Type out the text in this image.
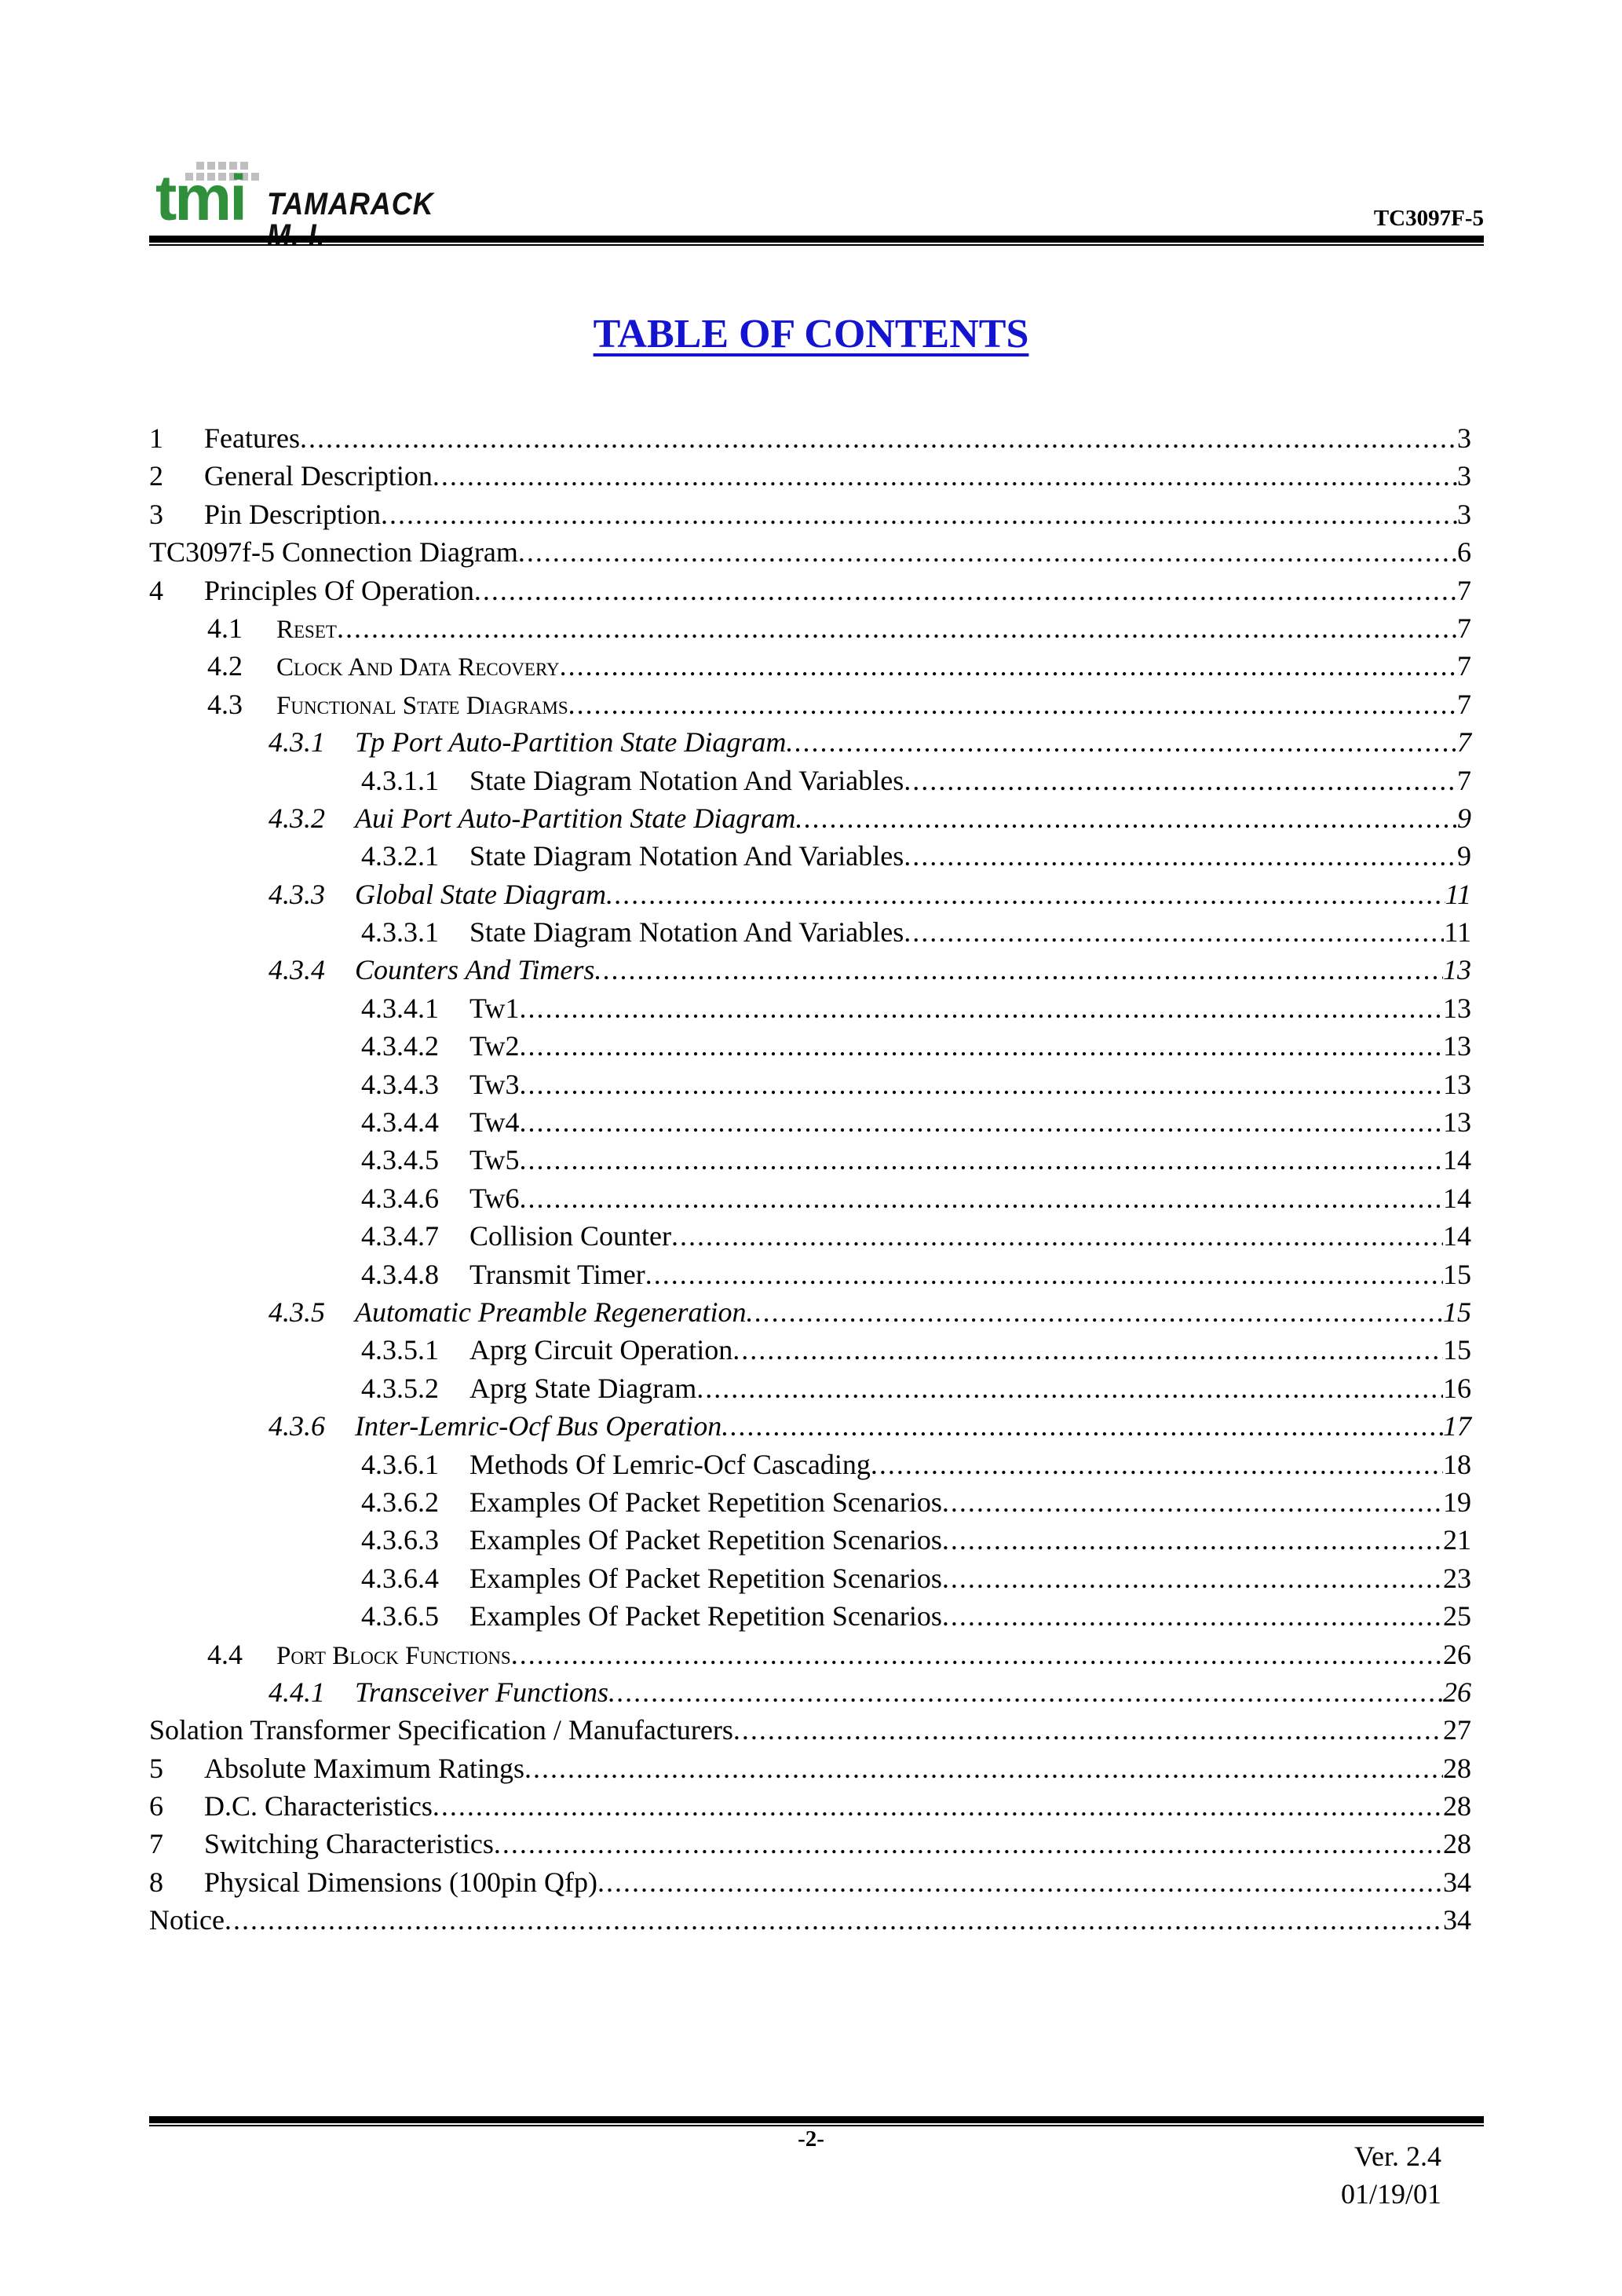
tmi TAMARACK	TC3097F-5
TABLE OF CONTENTS
1 Features .....	3
2 General Description .....	3
3 Pin Description .....	3
TC3097f-5 Connection Diagram .....	6
4 Principles Of Operation .....	7
4.1 Reset .....	7
4.2 Clock And Data Recovery .....	7
4.3 Functional State Diagrams .....	7
4.3.1 Tp Port Auto-Partition State Diagram .....	7
4.3.1.1 State Diagram Notation And Variables .....	7
4.3.2 Aui Port Auto-Partition State Diagram .....	9
4.3.2.1 State Diagram Notation And Variables .....	9
4.3.3 Global State Diagram .....	11
4.3.3.1 State Diagram Notation And Variables .....	11
4.3.4 Counters And Timers .....	13
4.3.4.1 Tw1 .....	13
4.3.4.2 Tw2 .....	13
4.3.4.3 Tw3 .....	13
4.3.4.4 Tw4 .....	13
4.3.4.5 Tw5 .....	14
4.3.4.6 Tw6 .....	14
4.3.4.7 Collision Counter .....	14
4.3.4.8 Transmit Timer .....	15
4.3.5 Automatic Preamble Regeneration .....	15
4.3.5.1 Aprg Circuit Operation .....	15
4.3.5.2 Aprg State Diagram .....	16
4.3.6 Inter-Lemric-Ocf Bus Operation .....	17
4.3.6.1 Methods Of Lemric-Ocf Cascading .....	18
4.3.6.2 Examples Of Packet Repetition Scenarios .....	19
4.3.6.3 Examples Of Packet Repetition Scenarios .....	21
4.3.6.4 Examples Of Packet Repetition Scenarios .....	23
4.3.6.5 Examples Of Packet Repetition Scenarios .....	25
4.4 Port Block Functions .....	26
4.4.1 Transceiver Functions .....	26
Solation Transformer Specification / Manufacturers .....	27
5 Absolute Maximum Ratings .....	28
6 D.C. Characteristics .....	28
7 Switching Characteristics .....	28
8 Physical Dimensions (100pin Qfp) .....	34
Notice .....	34
-2-
Ver. 2.4
01/19/01
